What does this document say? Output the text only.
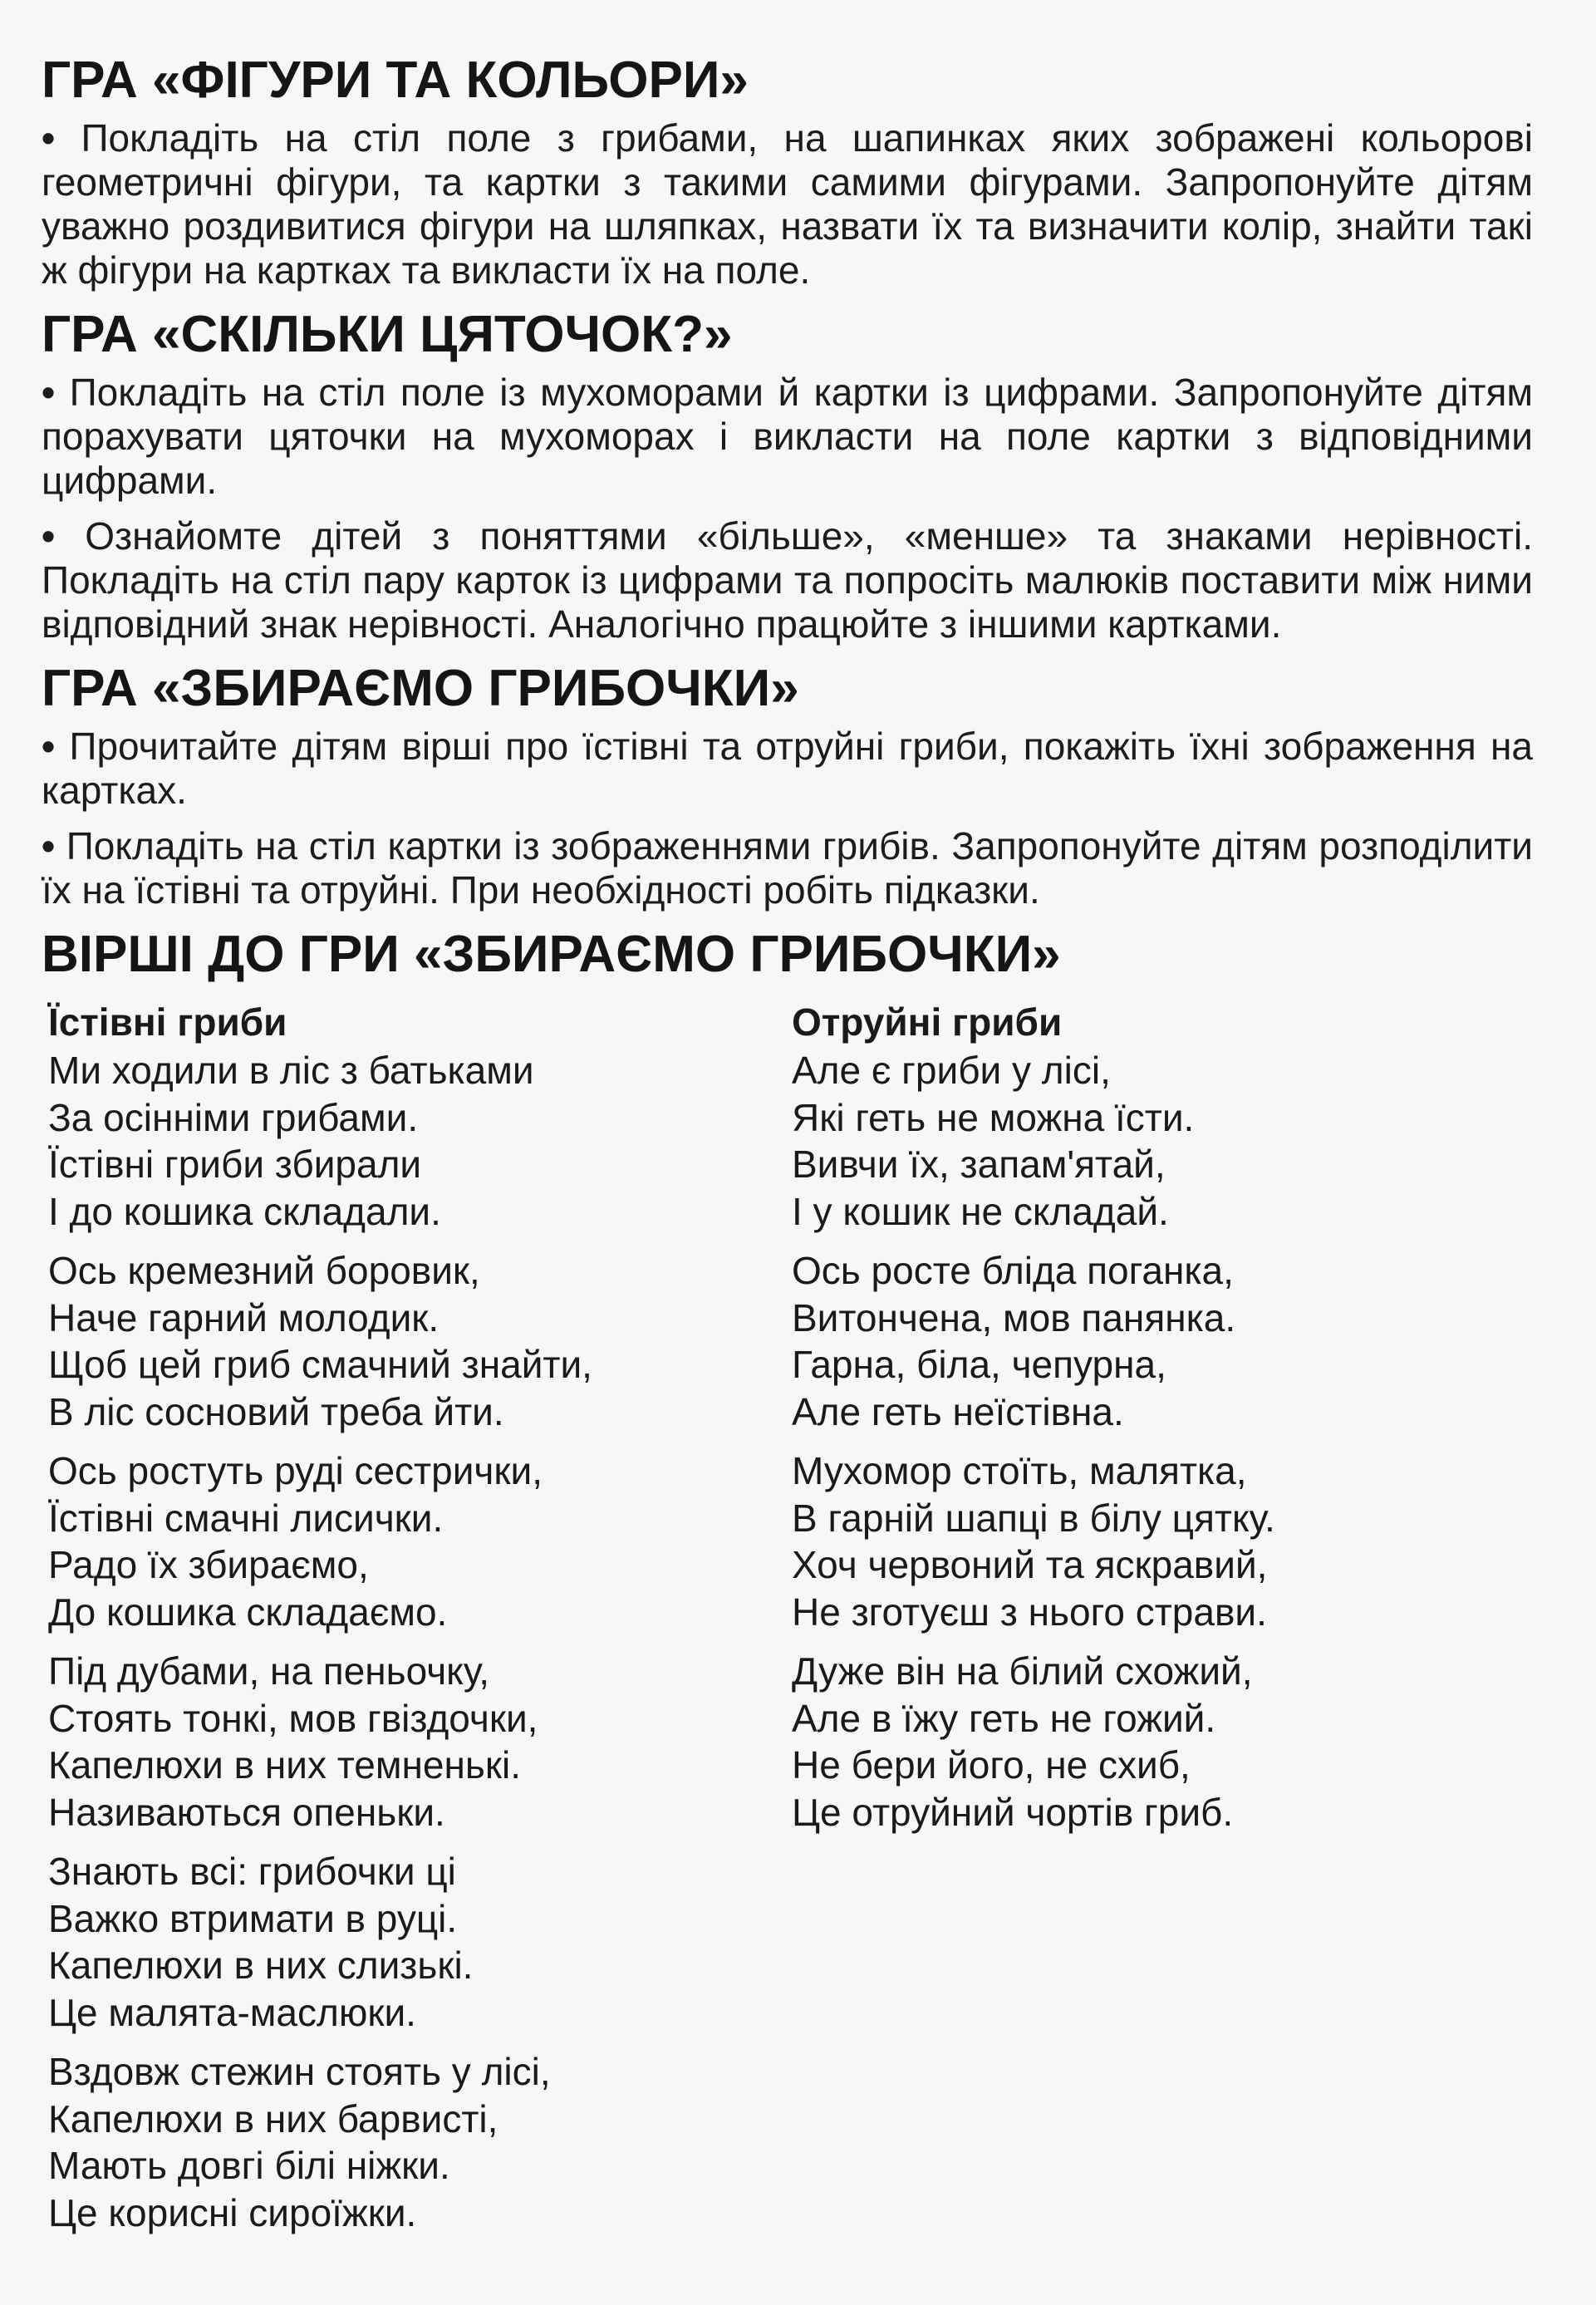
ГРА «ФІГУРИ ТА КОЛЬОРИ»

• Покладіть на стіл поле з грибами, на шапинках яких зображені кольорові геометричні фігури, та картки з такими самими фігурами. Запропонуйте дітям уважно роздивитися фігури на шляпках, назвати їх та визначити колір, знайти такі ж фігури на картках та викласти їх на поле.

ГРА «СКІЛЬКИ ЦЯТОЧОК?»

• Покладіть на стіл поле із мухоморами й картки із цифрами. Запропонуйте дітям порахувати цяточки на мухоморах і викласти на поле картки з відповідними цифрами.

• Ознайомте дітей з поняттями «більше», «менше» та знаками нерівності. Покладіть на стіл пару карток із цифрами та попросіть малюків поставити між ними відповідний знак нерівності. Аналогічно працюйте з іншими картками.

ГРА «ЗБИРАЄМО ГРИБОЧКИ»

• Прочитайте дітям вірші про їстівні та отруйні гриби, покажіть їхні зображення на картках.

• Покладіть на стіл картки із зображеннями грибів. Запропонуйте дітям розподілити їх на їстівні та отруйні. При необхідності робіть підказки.

ВІРШІ ДО ГРИ «ЗБИРАЄМО ГРИБОЧКИ»
Їстівні гриби
Ми ходили в ліс з батьками
За осінніми грибами.
Їстівні гриби збирали
І до кошика складали.
Ось кремезний боровик,
Наче гарний молодик.
Щоб цей гриб смачний знайти,
В ліс сосновий треба йти.
Ось ростуть руді сестрички,
Їстівні смачні лисички.
Радо їх збираємо,
До кошика складаємо.
Під дубами, на пеньочку,
Стоять тонкі, мов гвіздочки,
Капелюхи в них темненькі.
Називаються опеньки.
Знають всі: грибочки ці
Важко втримати в руці.
Капелюхи в них слизькі.
Це малята-маслюки.
Вздовж стежин стоять у лісі,
Капелюхи в них барвисті,
Мають довгі білі ніжки.
Це корисні сироїжки.
Отруйні гриби
Але є гриби у лісі,
Які геть не можна їсти.
Вивчи їх, запам'ятай,
І у кошик не складай.
Ось росте бліда поганка,
Витончена, мов панянка.
Гарна, біла, чепурна,
Але геть неїстівна.
Мухомор стоїть, малятка,
В гарній шапці в білу цятку.
Хоч червоний та яскравий,
Не зготуєш з нього страви.
Дуже він на білий схожий,
Але в їжу геть не гожий.
Не бери його, не схиб,
Це отруйний чортів гриб.
